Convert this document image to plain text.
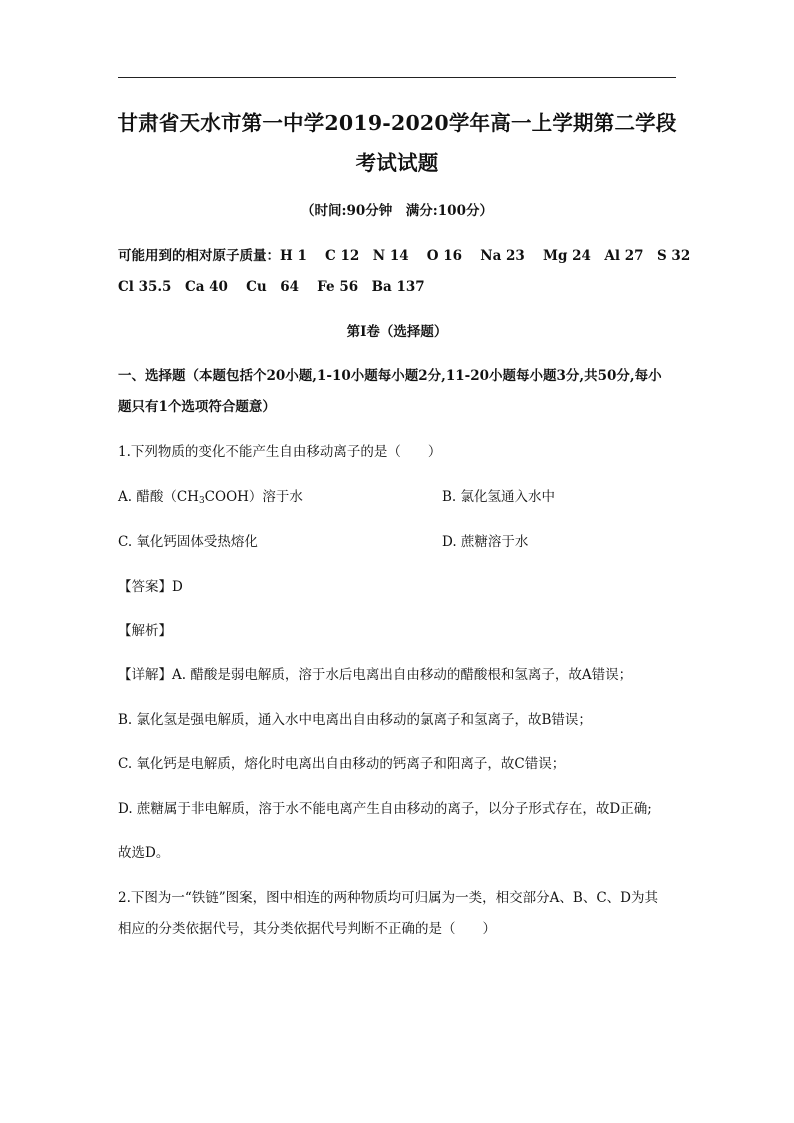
甘肃省天水市第一中学2019-2020学年高一上学期第二学段
考试试题
（时间:90分钟　满分:100分）
可能用到的相对原子质量：H 1　 C 12　N 14　 O 16　 Na 23　 Mg 24　Al 27　S 32
Cl 35.5　Ca 40　 Cu　64　 Fe 56　Ba 137
第Ⅰ卷（选择题）
一、选择题（本题包括个20小题,1-10小题每小题2分,11-20小题每小题3分,共50分,每小
题只有1个选项符合题意）
1.下列物质的变化不能产生自由移动离子的是（　　）
A. 醋酸$(CH_3COOH)$溶于水	B. 氯化氢通入水中
C. 氧化钙固体受热熔化	D. 蔗糖溶于水
【答案】D
【解析】
【详解】A. 醋酸是弱电解质，溶于水后电离出自由移动的醋酸根和氢离子，故A错误；
B. 氯化氢是强电解质，通入水中电离出自由移动的氯离子和氢离子，故B错误；
C. 氧化钙是电解质，熔化时电离出自由移动的钙离子和阳离子，故C错误；
D. 蔗糖属于非电解质，溶于水不能电离产生自由移动的离子，以分子形式存在，故D正确;
故选D。
2.下图为一“铁链”图案，图中相连的两种物质均可归属为一类，相交部分A、B、C、D为其
相应的分类依据代号，其分类依据代号判断不正确的是（　　）
